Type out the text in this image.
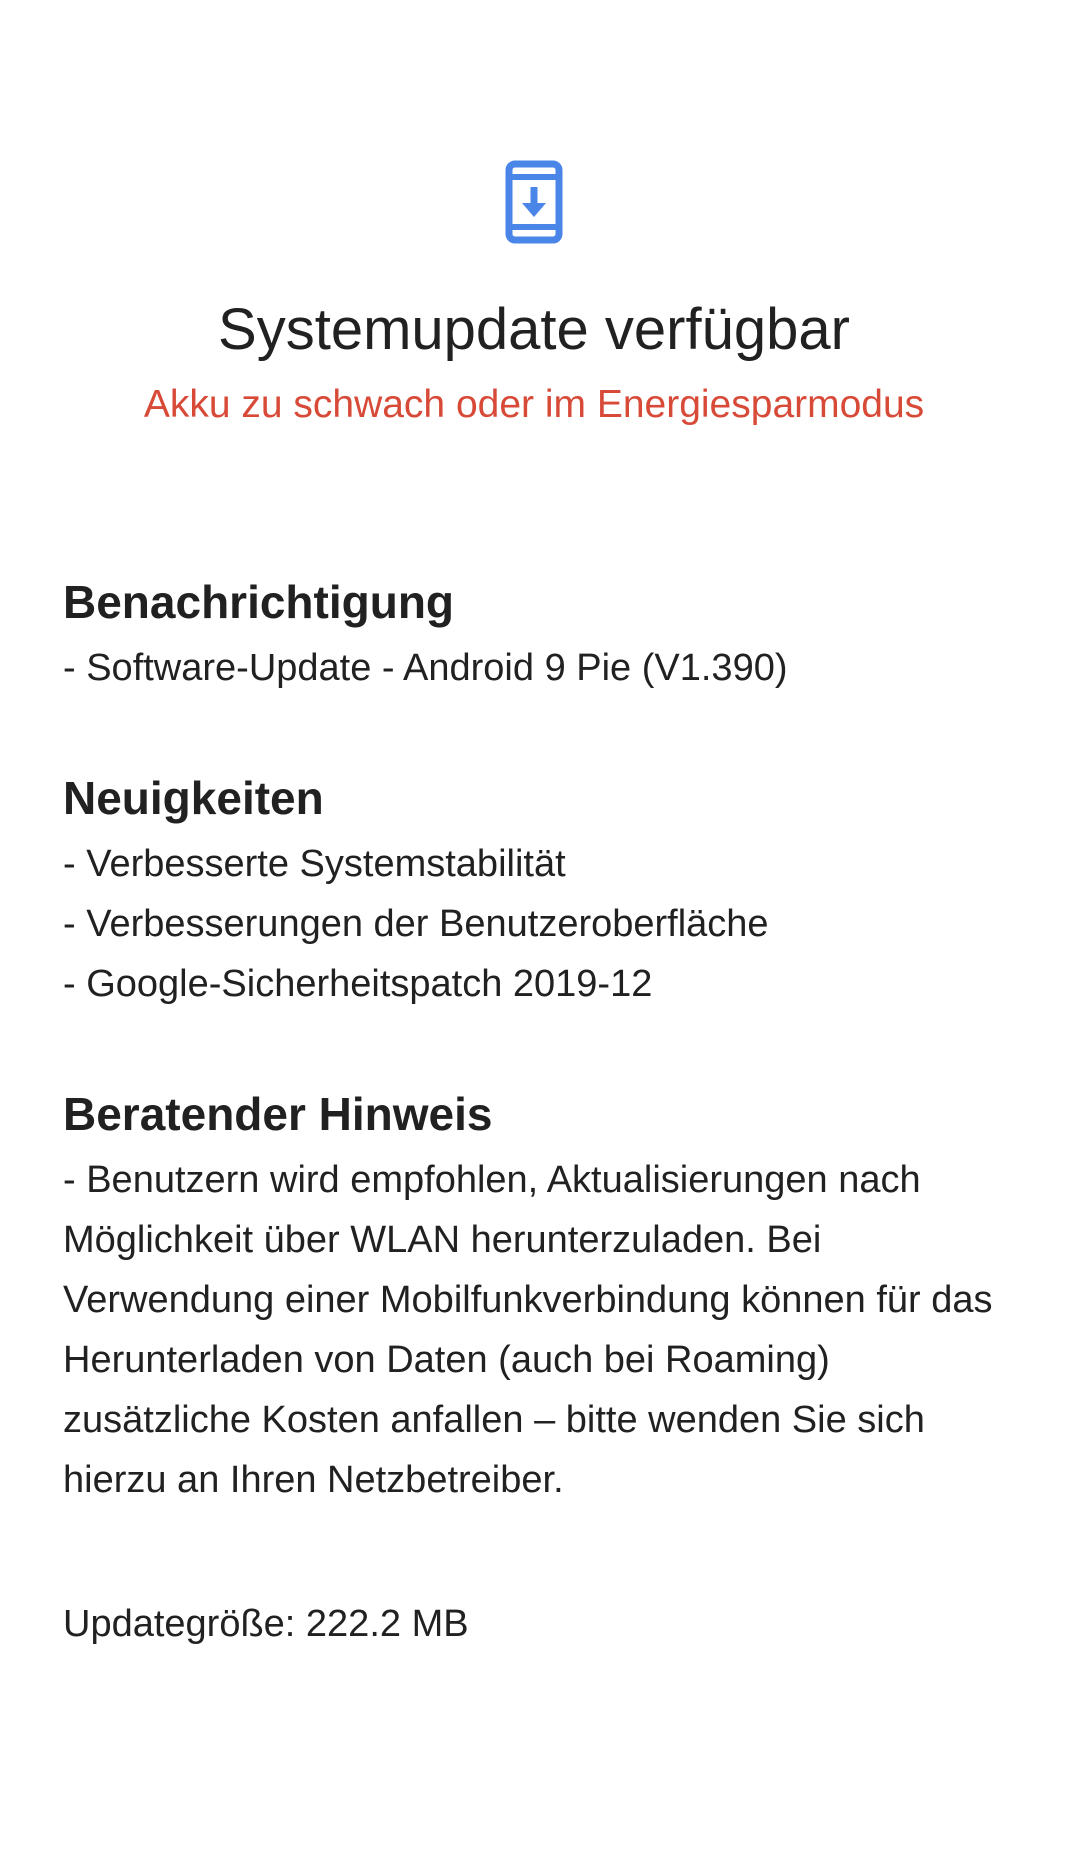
Systemupdate verfügbar
Akku zu schwach oder im Energiesparmodus
Benachrichtigung
- Software-Update - Android 9 Pie (V1.390)
Neuigkeiten
- Verbesserte Systemstabilität
- Verbesserungen der Benutzeroberfläche
- Google-Sicherheitspatch 2019-12
Beratender Hinweis
- Benutzern wird empfohlen, Aktualisierungen nach Möglichkeit über WLAN herunterzuladen. Bei Verwendung einer Mobilfunkverbindung können für das Herunterladen von Daten (auch bei Roaming) zusätzliche Kosten anfallen – bitte wenden Sie sich hierzu an Ihren Netzbetreiber.
Updategröße: 222.2 MB
